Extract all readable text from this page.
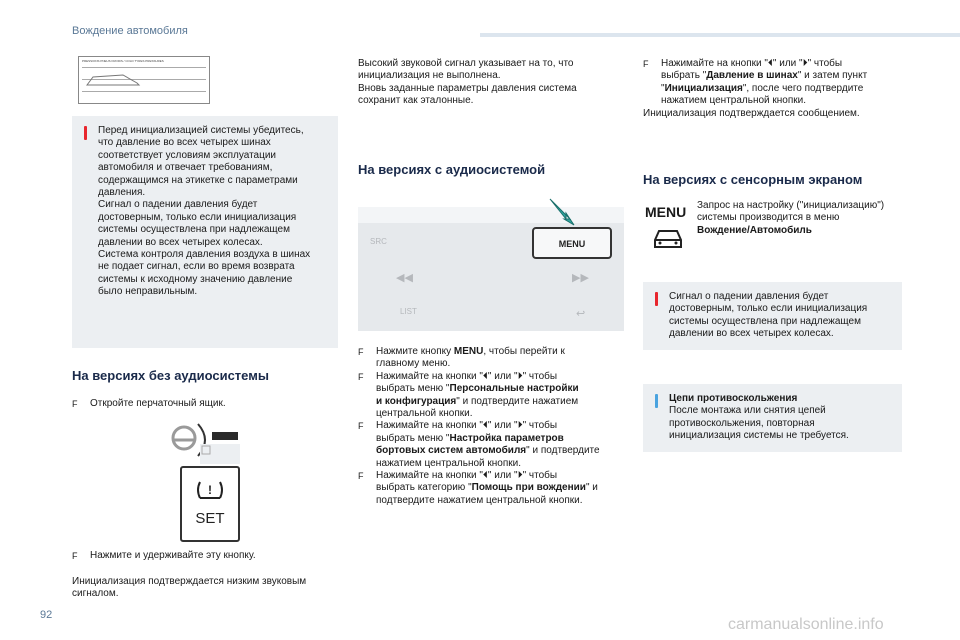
Вождение автомобиля
PRESSIONS PNEUS FROIDS / COLD TYRES PRESSURES
Перед инициализацией системы убедитесь,
что давление во всех четырех шинах
соответствует условиям эксплуатации
автомобиля и отвечает требованиям,
содержащимся на этикетке с параметрами
давления.
Сигнал о падении давления будет
достоверным, только если инициализация
системы осуществлена при надлежащем
давлении во всех четырех колесах.
Система контроля давления воздуха в шинах
не подает сигнал, если во время возврата
системы к исходному значению давление
было неправильным.
На версиях без аудиосистемы
F Откройте перчаточный ящик.
!
SET
F Нажмите и удерживайте эту кнопку.
Инициализация подтверждается низким звуковым
сигналом.
Высокий звуковой сигнал указывает на то, что
инициализация не выполнена.
Вновь заданные параметры давления система
сохранит как эталонные.
На версиях с аудиосистемой
SRC
◀◀
LIST
MENU
▶▶
↩
F Нажмите кнопку MENU, чтобы перейти к
главному меню.
F Нажимайте на кнопки "⏴" или "⏵" чтобы
выбрать меню "Персональные настройки
и конфигурация" и подтвердите нажатием
центральной кнопки.
F Нажимайте на кнопки "⏴" или "⏵" чтобы
выбрать меню "Настройка параметров
бортовых систем автомобиля" и подтвердите
нажатием центральной кнопки.
F Нажимайте на кнопки "⏴" или "⏵" чтобы
выбрать категорию "Помощь при вождении" и
подтвердите нажатием центральной кнопки.
F Нажимайте на кнопки "⏴" или "⏵" чтобы
выбрать "Давление в шинах" и затем пункт
"Инициализация", после чего подтвердите
нажатием центральной кнопки.
Инициализация подтверждается сообщением.
На версиях с сенсорным экраном
MENU Запрос на настройку ("инициализацию")
системы производится в меню
Вождение/Автомобиль
Сигнал о падении давления будет
достоверным, только если инициализация
системы осуществлена при надлежащем
давлении во всех четырех колесах.
Цепи противоскольжения
После монтажа или снятия цепей
противоскольжения, повторная
инициализация системы не требуется.
92
carmanualsonline.info
